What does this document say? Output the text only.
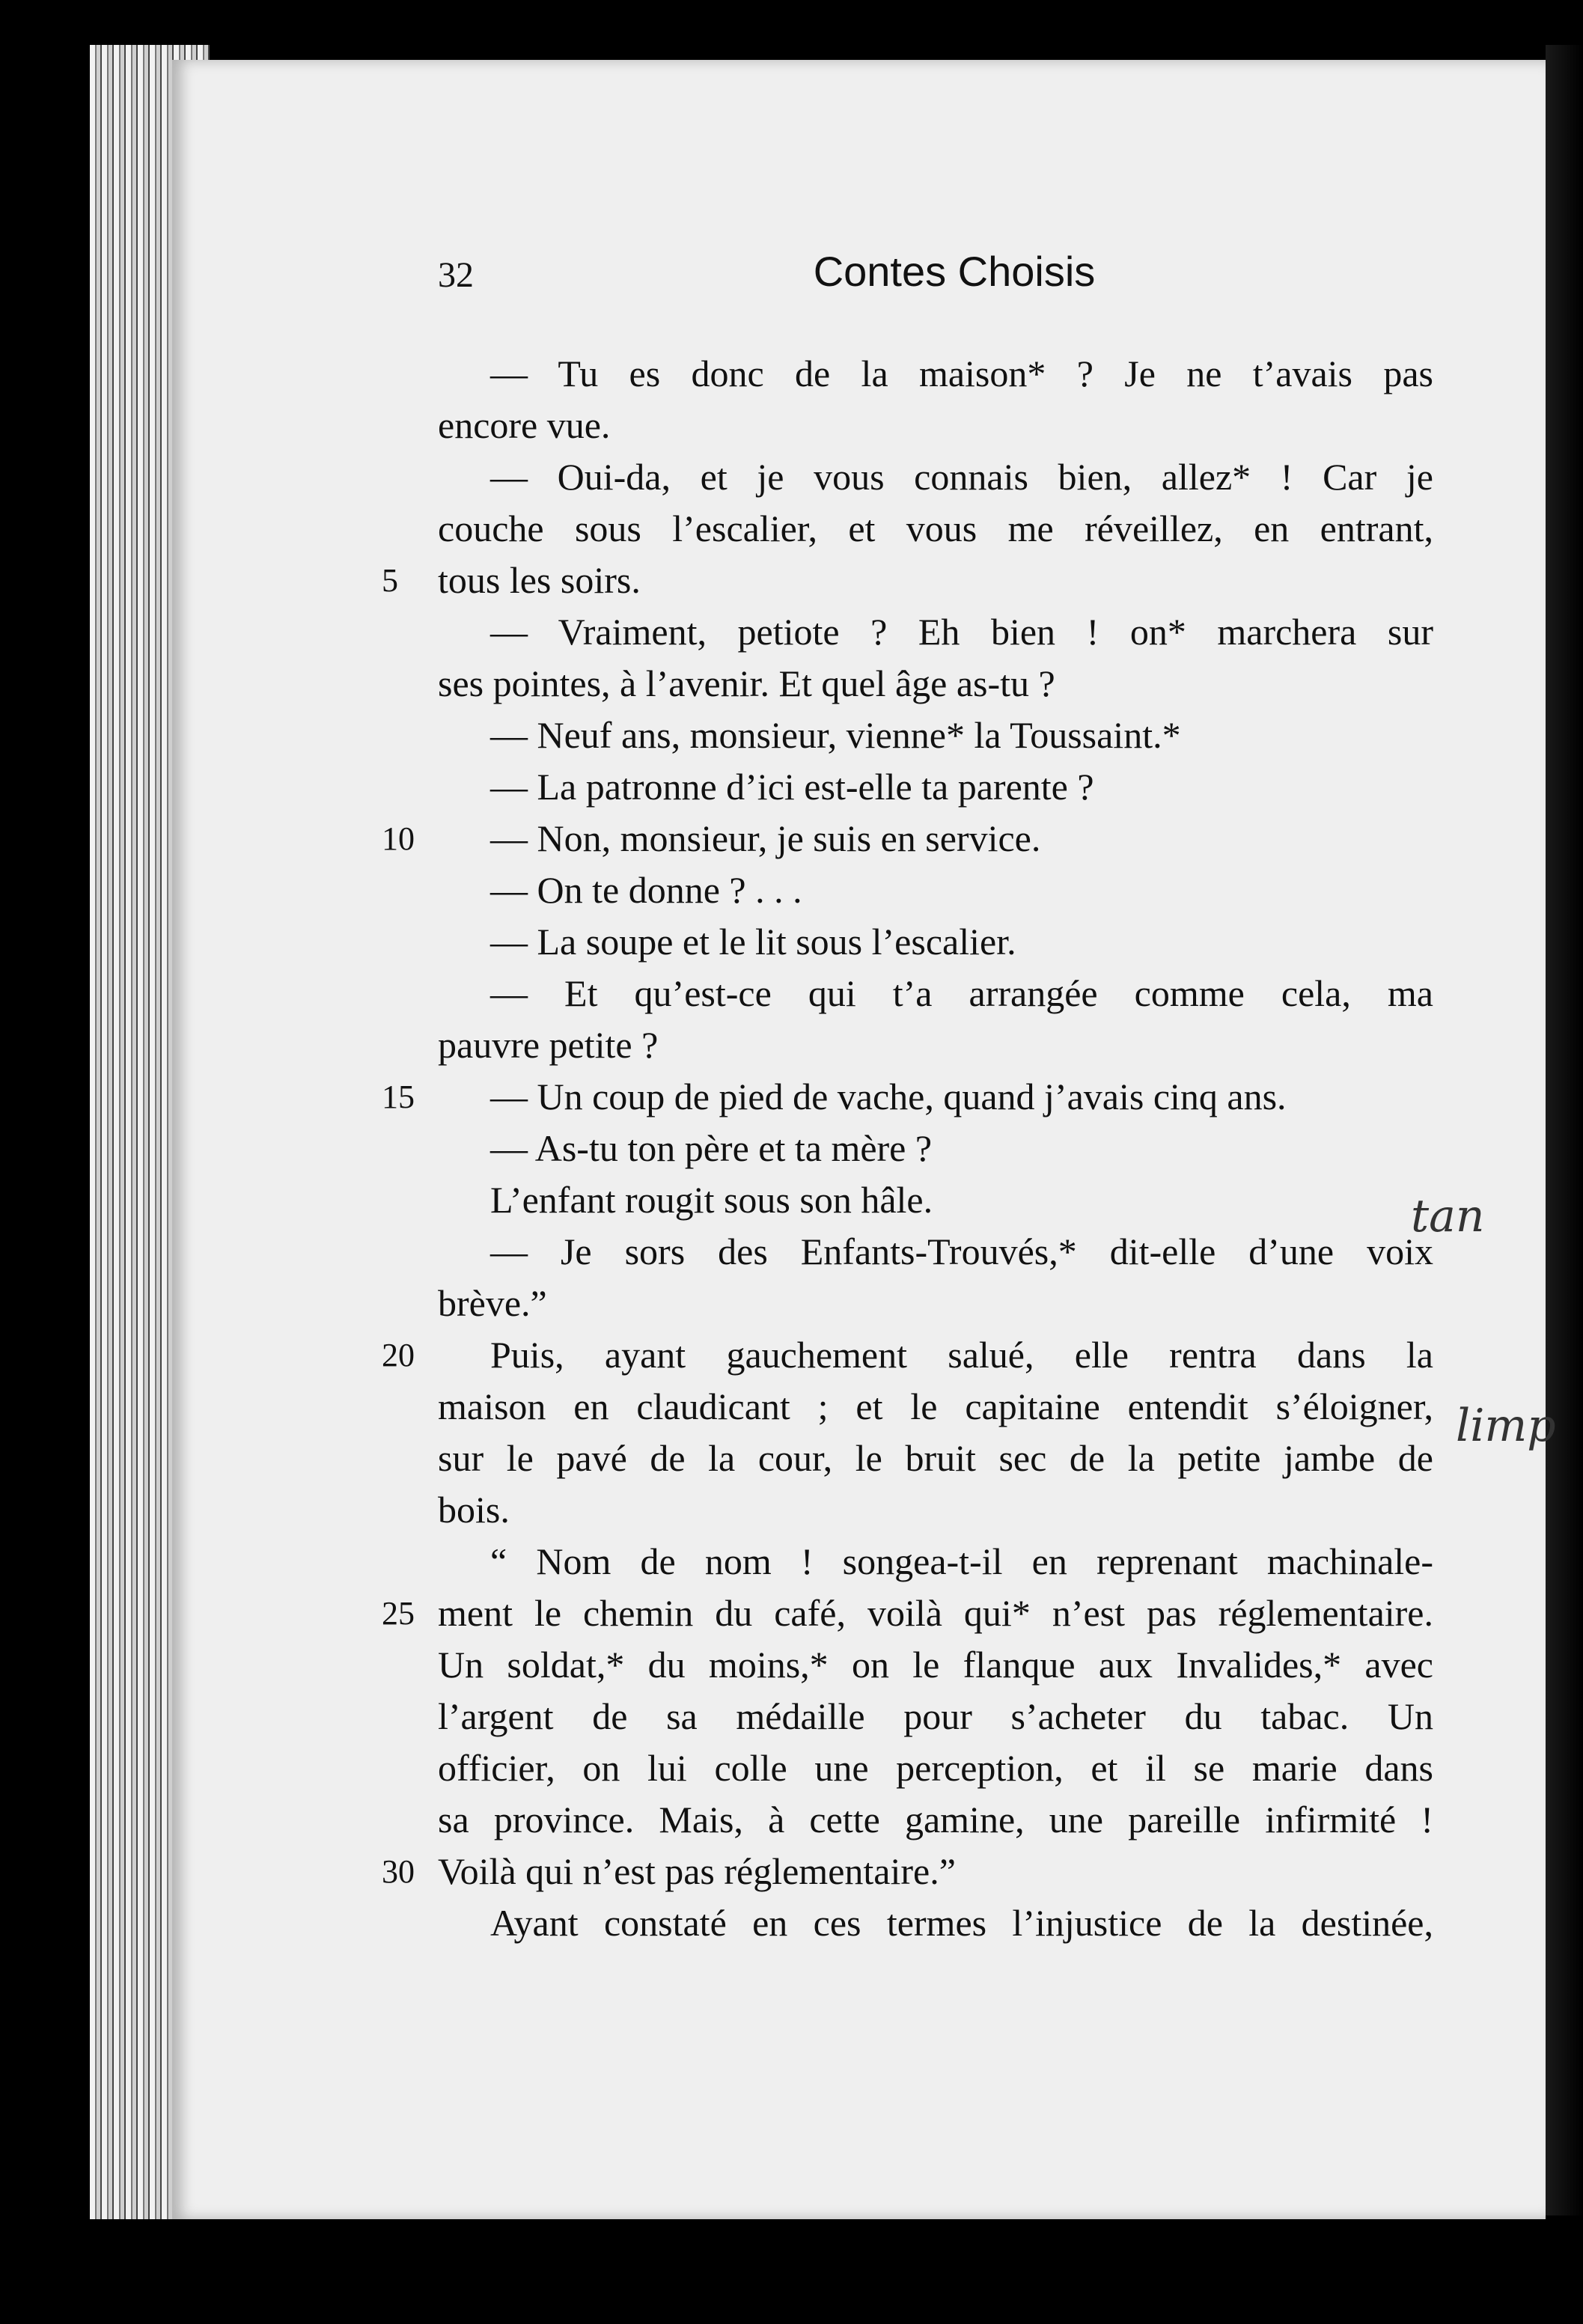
32	Contes Choisis
— Tu es donc de la maison* ? Je ne t’avais pas
encore vue.
— Oui-da, et je vous connais bien, allez* ! Car je
couche sous l’escalier, et vous me réveillez, en entrant,
tous les soirs.
5
— Vraiment, petiote ? Eh bien ! on* marchera sur
ses pointes, à l’avenir. Et quel âge as-tu ?
— Neuf ans, monsieur, vienne* la Toussaint.*
— La patronne d’ici est-elle ta parente ?
— Non, monsieur, je suis en service.
10
— On te donne ? . . .
— La soupe et le lit sous l’escalier.
— Et qu’est-ce qui t’a arrangée comme cela, ma
pauvre petite ?
— Un coup de pied de vache, quand j’avais cinq ans.
15
— As-tu ton père et ta mère ?
L’enfant rougit sous son hâle.
— Je sors des Enfants-Trouvés,* dit-elle d’une voix
brève.”
Puis, ayant gauchement salué, elle rentra dans la
20
maison en claudicant ; et le capitaine entendit s’éloigner,
sur le pavé de la cour, le bruit sec de la petite jambe de
bois.
“ Nom de nom ! songea-t-il en reprenant machinale-
ment le chemin du café, voilà qui* n’est pas réglementaire.
25
Un soldat,* du moins,* on le flanque aux Invalides,* avec
l’argent de sa médaille pour s’acheter du tabac. Un
officier, on lui colle une perception, et il se marie dans
sa province. Mais, à cette gamine, une pareille infirmité !
Voilà qui n’est pas réglementaire.”
30
Ayant constaté en ces termes l’injustice de la destinée,
tan
limp
